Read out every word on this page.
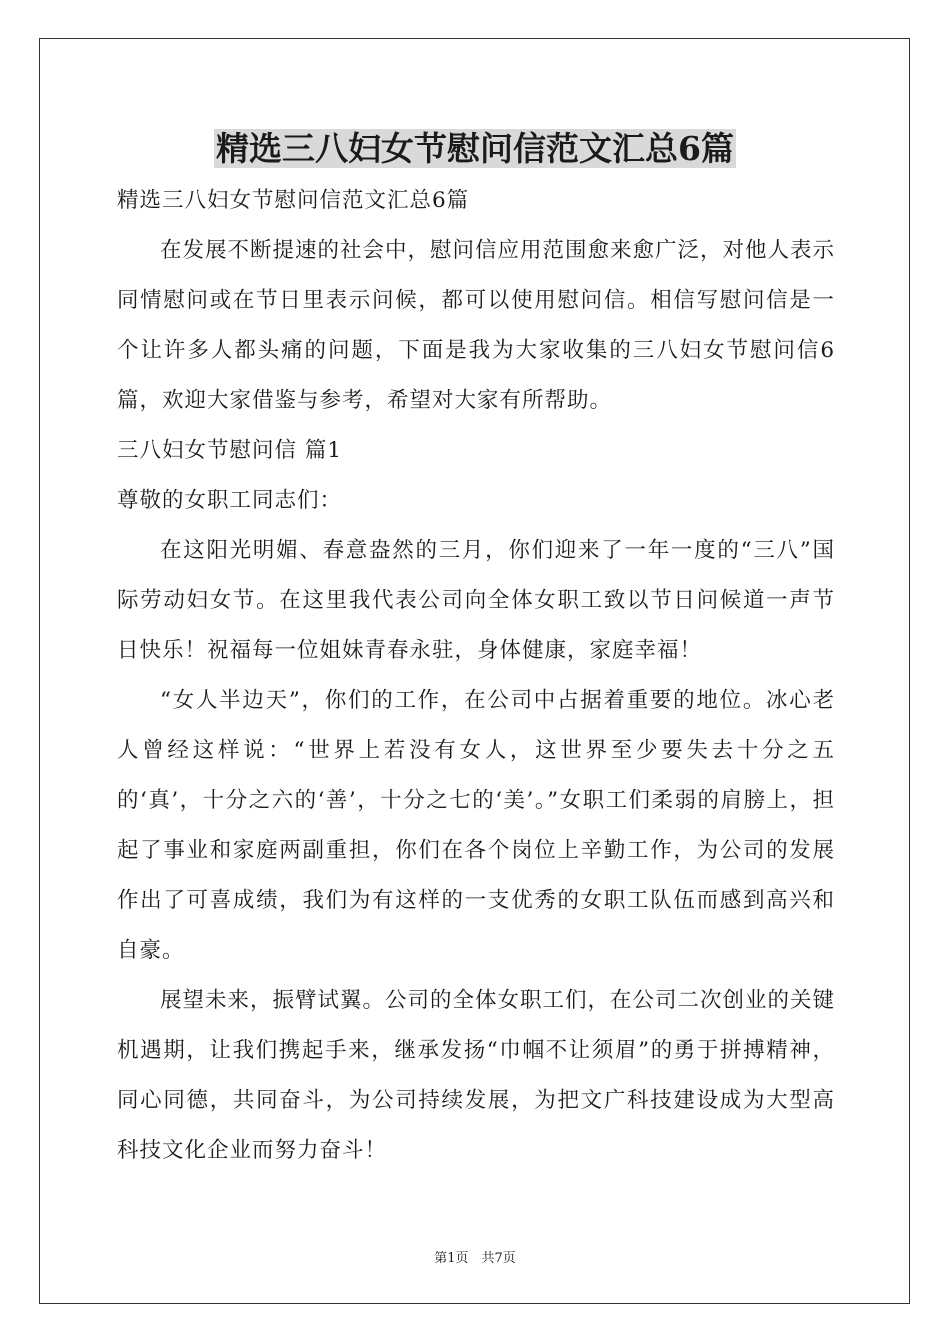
精选三八妇女节慰问信范文汇总6篇

精选三八妇女节慰问信范文汇总6篇

在发展不断提速的社会中，慰问信应用范围愈来愈广泛，对他人表示同情慰问或在节日里表示问候，都可以使用慰问信。相信写慰问信是一个让许多人都头痛的问题，下面是我为大家收集的三八妇女节慰问信6篇，欢迎大家借鉴与参考，希望对大家有所帮助。

三八妇女节慰问信 篇1

尊敬的女职工同志们：

在这阳光明媚、春意盎然的三月，你们迎来了一年一度的“三八”国际劳动妇女节。在这里我代表公司向全体女职工致以节日问候道一声节日快乐！祝福每一位姐妹青春永驻，身体健康，家庭幸福！

“女人半边天”，你们的工作，在公司中占据着重要的地位。冰心老人曾经这样说：“世界上若没有女人，这世界至少要失去十分之五的‘真’，十分之六的‘善’，十分之七的‘美’。”女职工们柔弱的肩膀上，担起了事业和家庭两副重担，你们在各个岗位上辛勤工作，为公司的发展作出了可喜成绩，我们为有这样的一支优秀的女职工队伍而感到高兴和自豪。

展望未来，振臂试翼。公司的全体女职工们，在公司二次创业的关键机遇期，让我们携起手来，继承发扬“巾帼不让须眉”的勇于拼搏精神，同心同德，共同奋斗，为公司持续发展，为把文广科技建设成为大型高科技文化企业而努力奋斗！

第1页　共7页
